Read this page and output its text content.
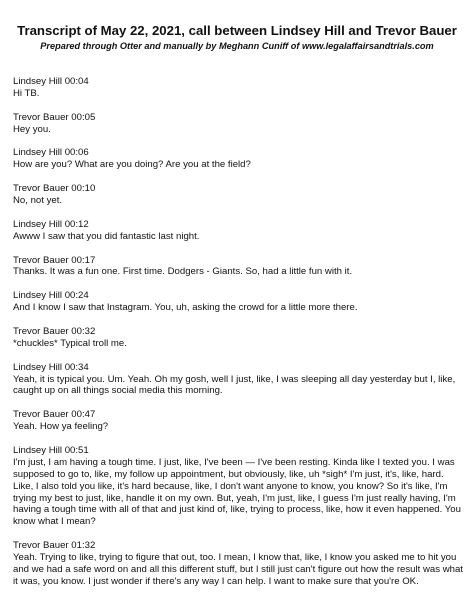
Transcript of May 22, 2021, call between Lindsey Hill and Trevor Bauer
Prepared through Otter and manually by Meghann Cuniff of www.legalaffairsandtrials.com
Lindsey Hill 00:04
Hi TB.
Trevor Bauer 00:05
Hey you.
Lindsey Hill 00:06
How are you? What are you doing? Are you at the field?
Trevor Bauer 00:10
No, not yet.
Lindsey Hill 00:12
Awww I saw that you did fantastic last night.
Trevor Bauer 00:17
Thanks. It was a fun one. First time. Dodgers - Giants. So, had a little fun with it.
Lindsey Hill 00:24
And I know I saw that Instagram. You, uh, asking the crowd for a little more there.
Trevor Bauer 00:32
*chuckles* Typical troll me.
Lindsey Hill 00:34
Yeah, it is typical you. Um. Yeah. Oh my gosh, well I just, like, I was sleeping all day yesterday but I, like, caught up on all things social media this morning.
Trevor Bauer 00:47
Yeah. How ya feeling?
Lindsey Hill 00:51
I'm just, I am having a tough time. I just, like, I've been — I've been resting. Kinda like I texted you. I was supposed to go to, like, my follow up appointment, but obviously, like, uh *sigh* I'm just, it's, like, hard. Like, I also told you like, it's hard because, like, I don't want anyone to know, you know? So it's like, I'm trying my best to just, like, handle it on my own. But, yeah, I'm just, like, I guess I'm just really having, I'm having a tough time with all of that and just kind of, like, trying to process, like, how it even happened. You know what I mean?
Trevor Bauer 01:32
Yeah. Trying to like, trying to figure that out, too. I mean, I know that, like, I know you asked me to hit you and we had a safe word on and all this different stuff, but I still just can't figure out how the result was what it was, you know. I just wonder if there's any way I can help. I want to make sure that you're OK.
